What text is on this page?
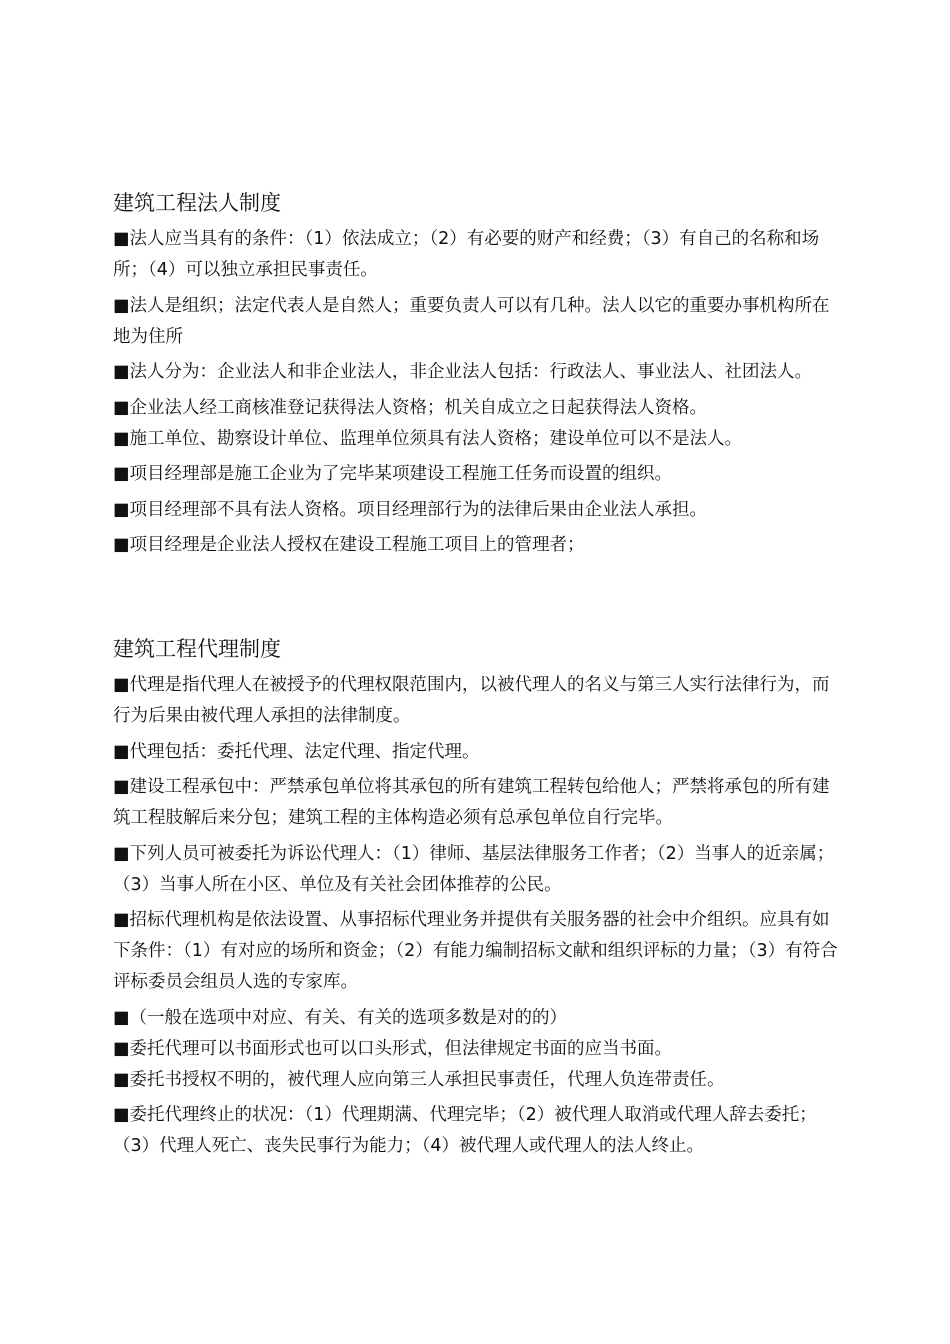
建筑工程法人制度

■法人应当具有的条件：（1）依法成立；（2）有必要的财产和经费；（3）有自己的名称和场所；（4）可以独立承担民事责任。

■法人是组织；法定代表人是自然人；重要负责人可以有几种。法人以它的重要办事机构所在地为住所

■法人分为：企业法人和非企业法人，非企业法人包括：行政法人、事业法人、社团法人。

■企业法人经工商核准登记获得法人资格；机关自成立之日起获得法人资格。

■施工单位、勘察设计单位、监理单位须具有法人资格；建设单位可以不是法人。

■项目经理部是施工企业为了完毕某项建设工程施工任务而设置的组织。

■项目经理部不具有法人资格。项目经理部行为的法律后果由企业法人承担。

■项目经理是企业法人授权在建设工程施工项目上的管理者；

建筑工程代理制度

■代理是指代理人在被授予的代理权限范围内，以被代理人的名义与第三人实行法律行为，而行为后果由被代理人承担的法律制度。

■代理包括：委托代理、法定代理、指定代理。

■建设工程承包中：严禁承包单位将其承包的所有建筑工程转包给他人；严禁将承包的所有建筑工程肢解后来分包；建筑工程的主体构造必须有总承包单位自行完毕。

■下列人员可被委托为诉讼代理人：（1）律师、基层法律服务工作者；（2）当事人的近亲属；（3）当事人所在小区、单位及有关社会团体推荐的公民。

■招标代理机构是依法设置、从事招标代理业务并提供有关服务器的社会中介组织。应具有如下条件：（1）有对应的场所和资金；（2）有能力编制招标文献和组织评标的力量；（3）有符合评标委员会组员人选的专家库。

■（一般在选项中对应、有关、有关的选项多数是对的的）

■委托代理可以书面形式也可以口头形式，但法律规定书面的应当书面。

■委托书授权不明的，被代理人应向第三人承担民事责任，代理人负连带责任。

■委托代理终止的状况：（1）代理期满、代理完毕；（2）被代理人取消或代理人辞去委托；（3）代理人死亡、丧失民事行为能力；（4）被代理人或代理人的法人终止。
